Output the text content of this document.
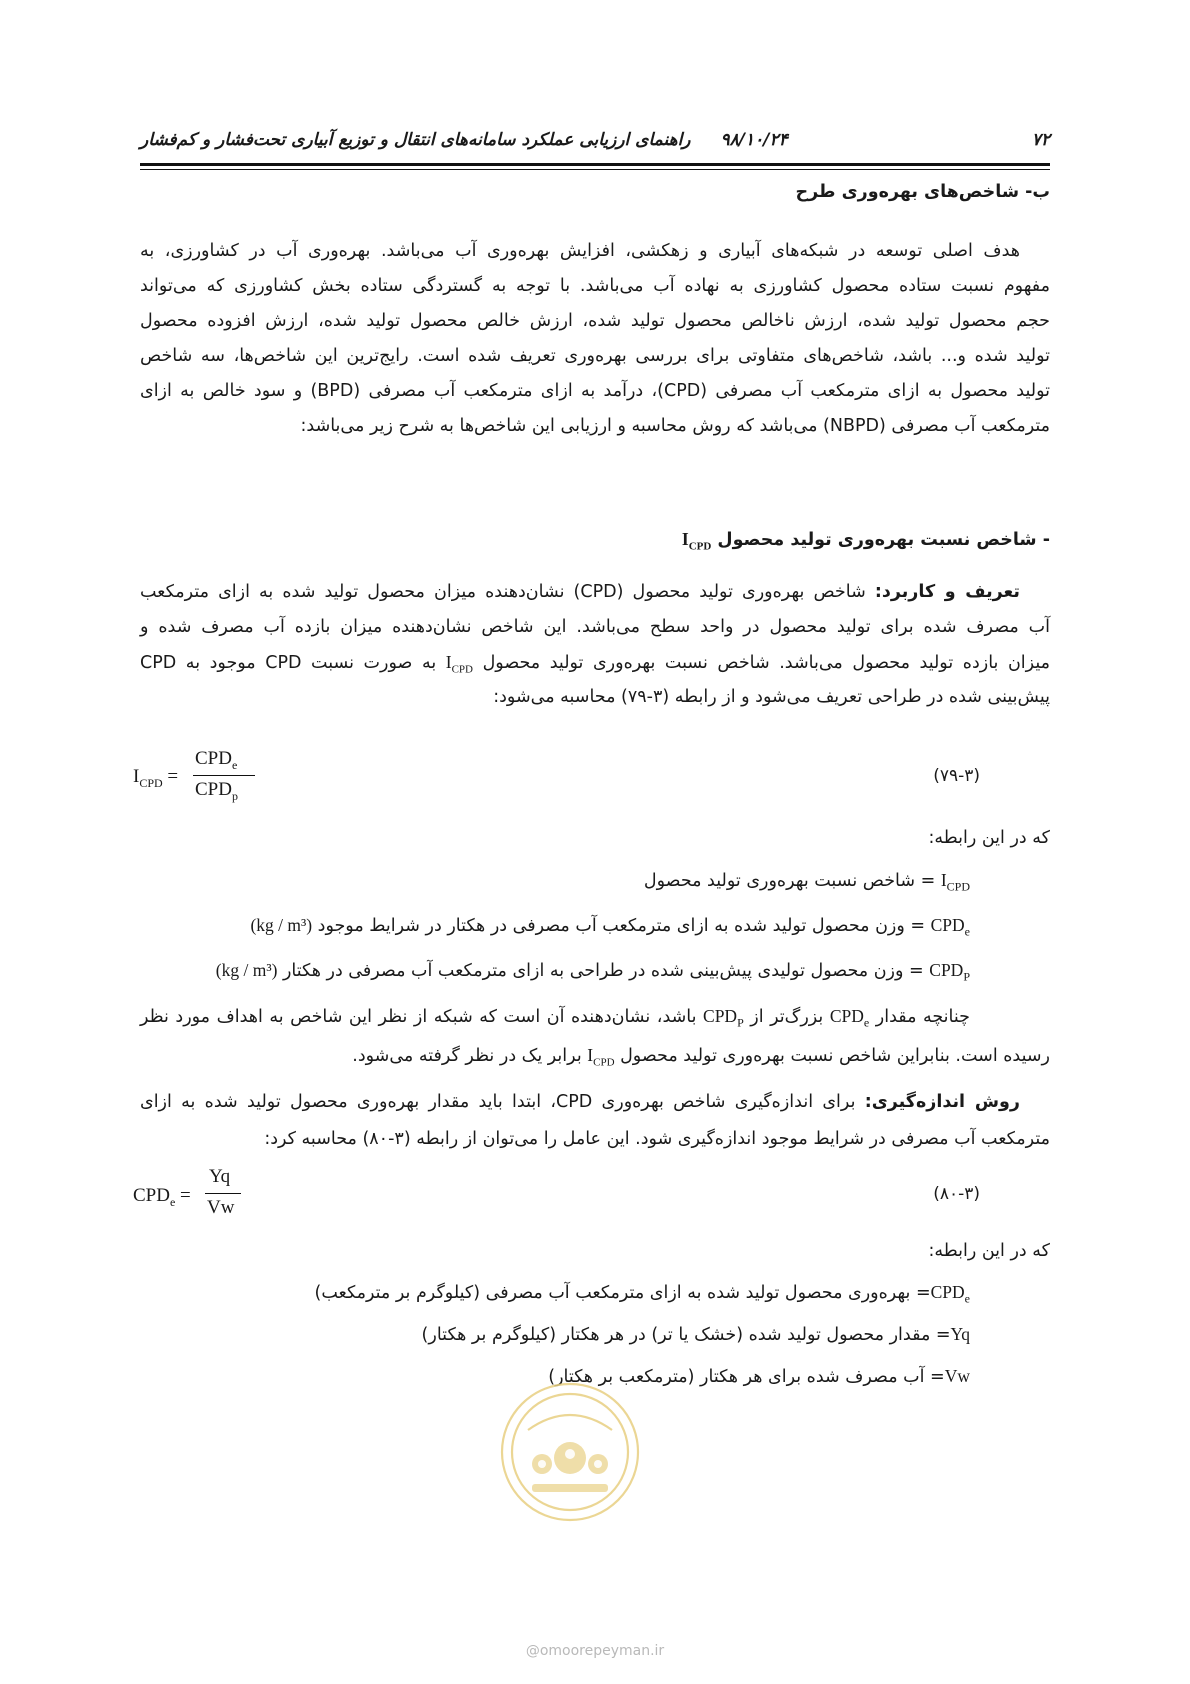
۷۲
۹۸/۱۰/۲۴راهنمای ارزیابی عملکرد سامانه‌های انتقال و توزیع آبیاری تحت‌فشار و کم‌فشار
ب- شاخص‌های بهره‌وری طرح
هدف اصلی توسعه در شبکه‌های آبیاری و زهکشی، افزایش بهره‌وری آب می‌باشد. بهره‌وری آب در کشاورزی، به
مفهوم نسبت ستاده محصول کشاورزی به نهاده آب می‌باشد. با توجه به گستردگی ستاده بخش کشاورزی که می‌تواند
حجم محصول تولید شده، ارزش ناخالص محصول تولید شده، ارزش خالص محصول تولید شده، ارزش افزوده محصول
تولید شده و... باشد، شاخص‌های متفاوتی برای بررسی بهره‌وری تعریف شده است. رایج‌ترین این شاخص‌ها، سه شاخص
تولید محصول به ازای مترمکعب آب مصرفی (CPD)، درآمد به ازای مترمکعب آب مصرفی (BPD) و سود خالص به ازای
مترمکعب آب مصرفی (NBPD) می‌باشد که روش محاسبه و ارزیابی این شاخص‌ها به شرح زیر می‌باشد:
- شاخص نسبت بهره‌وری تولید محصول $I_{CPD}$
تعریف و کاربرد: شاخص بهره‌وری تولید محصول (CPD) نشان‌دهنده میزان محصول تولید شده به ازای مترمکعب
آب مصرف شده برای تولید محصول در واحد سطح می‌باشد. این شاخص نشان‌دهنده میزان بازده آب مصرف شده و
میزان بازده تولید محصول می‌باشد. شاخص نسبت بهره‌وری تولید محصول $I_{CPD}$ به صورت نسبت CPD موجود به CPD
پیش‌بینی شده در طراحی تعریف می‌شود و از رابطه (۳-۷۹) محاسبه می‌شود:
$I_{CPD}$ =
$CPD_e$
$CPD_p$
(۷۹-۳)
که در این رابطه:
$I_{CPD}$ = شاخص نسبت بهره‌وری تولید محصول
$CPD_e$ = وزن محصول تولید شده به ازای مترمکعب آب مصرفی در هکتار در شرایط موجود (kg / m³)
$CPD_P$ = وزن محصول تولیدی پیش‌بینی شده در طراحی به ازای مترمکعب آب مصرفی در هکتار (kg / m³)
چنانچه مقدار $CPD_e$ بزرگ‌تر از $CPD_P$ باشد، نشان‌دهنده آن است که شبکه از نظر این شاخص به اهداف مورد نظر
رسیده است. بنابراین شاخص نسبت بهره‌وری تولید محصول $I_{CPD}$ برابر یک در نظر گرفته می‌شود.
روش اندازه‌گیری: برای اندازه‌گیری شاخص بهره‌وری CPD، ابتدا باید مقدار بهره‌وری محصول تولید شده به ازای
مترمکعب آب مصرفی در شرایط موجود اندازه‌گیری شود. این عامل را می‌توان از رابطه (۳-۸۰) محاسبه کرد:
$CPD_e$ =
Yq
Vw
(۸۰-۳)
که در این رابطه:
$CPD_e=$ بهره‌وری محصول تولید شده به ازای مترمکعب آب مصرفی (کیلوگرم بر مترمکعب)
Yq= مقدار محصول تولید شده (خشک یا تر) در هر هکتار (کیلوگرم بر هکتار)
Vw= آب مصرف شده برای هر هکتار (مترمکعب بر هکتار)
@omoorepeyman.ir
